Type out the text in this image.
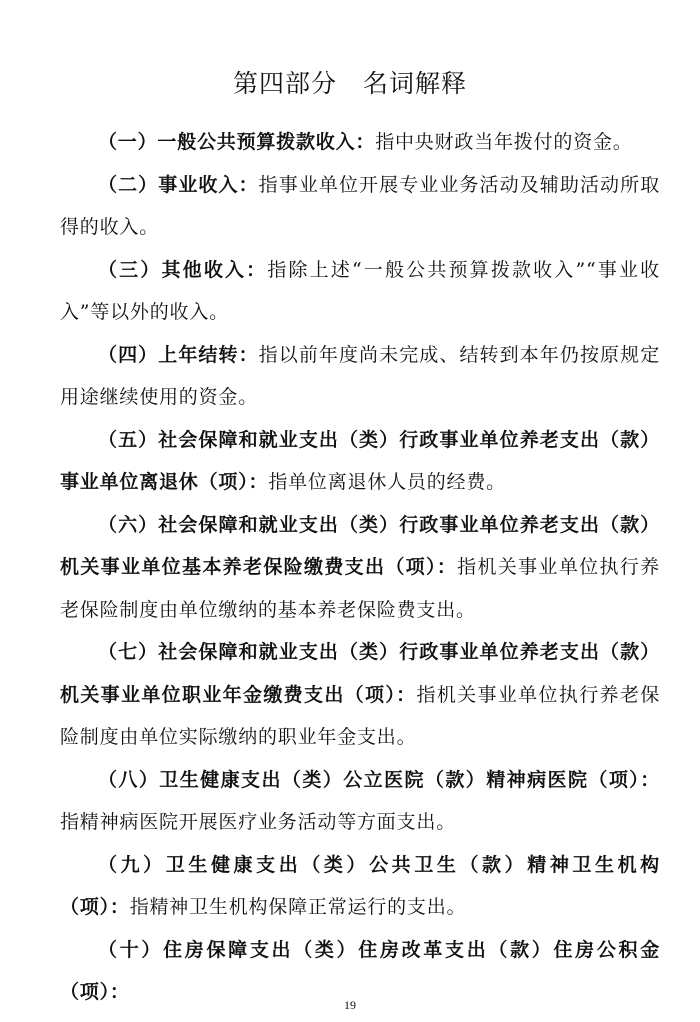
第四部分　名词解释

（一）一般公共预算拨款收入：指中央财政当年拨付的资金。

（二）事业收入：指事业单位开展专业业务活动及辅助活动所取得的收入。

（三）其他收入：指除上述“一般公共预算拨款收入”“事业收入”等以外的收入。

（四）上年结转：指以前年度尚未完成、结转到本年仍按原规定用途继续使用的资金。

（五）社会保障和就业支出（类）行政事业单位养老支出（款）事业单位离退休（项）：指单位离退休人员的经费。

（六）社会保障和就业支出（类）行政事业单位养老支出（款）机关事业单位基本养老保险缴费支出（项）：指机关事业单位执行养老保险制度由单位缴纳的基本养老保险费支出。

（七）社会保障和就业支出（类）行政事业单位养老支出（款）机关事业单位职业年金缴费支出（项）：指机关事业单位执行养老保险制度由单位实际缴纳的职业年金支出。

（八）卫生健康支出（类）公立医院（款）精神病医院（项）：指精神病医院开展医疗业务活动等方面支出。

（九）卫生健康支出（类）公共卫生（款）精神卫生机构（项）：指精神卫生机构保障正常运行的支出。

（十）住房保障支出（类）住房改革支出（款）住房公积金（项）：

19
